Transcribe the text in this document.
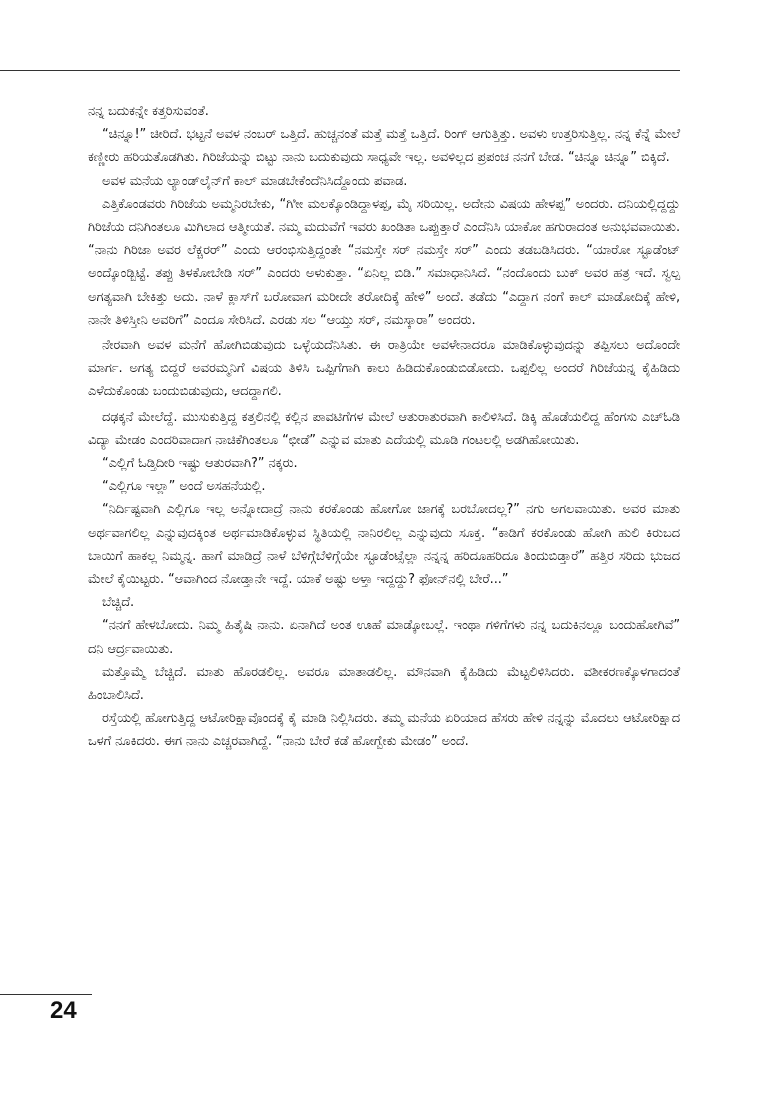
ನನ್ನ ಬದುಕನ್ನೇ ಕತ್ತರಿಸುವಂತೆ.

“ಚಿನ್ನೂ!” ಚೀರಿದೆ. ಭಟ್ಟನೆ ಅವಳ ನಂಬರ್ ಒತ್ತಿದೆ. ಹುಚ್ಚನಂತೆ ಮತ್ತೆ ಮತ್ತೆ ಒತ್ತಿದೆ. ರಿಂಗ್ ಆಗುತ್ತಿತ್ತು. ಅವಳು ಉತ್ತರಿಸುತ್ತಿಲ್ಲ. ನನ್ನ ಕೆನ್ನೆ ಮೇಲೆ ಕಣ್ಣೀರು ಹರಿಯತೊಡಗಿತು. ಗಿರಿಜೆಯನ್ನು ಬಿಟ್ಟು ನಾನು ಬದುಕುವುದು ಸಾಧ್ಯವೇ ಇಲ್ಲ. ಅವಳಿಲ್ಲದ ಪ್ರಪಂಚ ನನಗೆ ಬೇಡ. “ಚಿನ್ನೂ ಚಿನ್ನೂ” ಬಿಕ್ಕಿದೆ.

ಅವಳ ಮನೆಯ ಲ್ಯಾಂಡ್‌ಲೈನ್‌ಗೆ ಕಾಲ್ ಮಾಡಬೇಕೆಂದೆನಿಸಿದ್ದೊಂದು ಪವಾಡ.

ಎತ್ತಿಕೊಂಡವರು ಗಿರಿಜೆಯ ಅಮ್ಮನಿರಬೇಕು, “ಗೀೀ ಮಲಕ್ಕೊಂಡಿದ್ದಾಳಪ್ಪ, ಮೈ ಸರಿಯಿಲ್ಲ. ಅದೇನು ವಿಷಯ ಹೇಳಪ್ಪ” ಅಂದರು. ದನಿಯಲ್ಲಿದ್ದದ್ದು ಗಿರಿಜೆಯ ದನಿಗಿಂತಲೂ ಮಿಗಿಲಾದ ಆತ್ಮೀಯತೆ. ನಮ್ಮ ಮದುವೆಗೆ ಇವರು ಖಂಡಿತಾ ಒಪ್ಪುತ್ತಾರೆ ಎಂದೆನಿಸಿ ಯಾಕೋ ಹಗುರಾದಂತ ಅನುಭವವಾಯಿತು. “ನಾನು ಗಿರಿಜಾ ಅವರ ಲೆಕ್ಚರರ್” ಎಂದು ಆರಂಭಿಸುತ್ತಿದ್ದಂತೇ “ನಮಸ್ತೇ ಸರ್ ನಮಸ್ತೇ ಸರ್” ಎಂದು ತಡಬಡಿಸಿದರು. “ಯಾರೋ ಸ್ಟೂಡೆಂಟ್ ಅಂದ್ಕೊಂಡ್ಬಿಟ್ಟೆ. ತಪ್ಪು ತಿಳಕೋಬೇಡಿ ಸರ್” ಎಂದರು ಅಳುಕುತ್ತಾ. “ಏನಿಲ್ಲ ಬಿಡಿ.” ಸಮಾಧಾನಿಸಿದೆ. “ನಂದೊಂದು ಬುಕ್ ಅವರ ಹತ್ರ ಇದೆ. ಸ್ವಲ್ಪ ಅಗತ್ಯವಾಗಿ ಬೇಕಿತ್ತು ಅದು. ನಾಳೆ ಕ್ಲಾಸ್‌ಗೆ ಬರೋವಾಗ ಮರೀದೇ ತರೋದಿಕ್ಕೆ ಹೇಳಿ” ಅಂದೆ. ತಡೆದು “ಎದ್ದಾಗ ನಂಗೆ ಕಾಲ್ ಮಾಡೋದಿಕ್ಕೆ ಹೇಳಿ, ನಾನೇ ತಿಳಿಸ್ತೀನಿ ಅವರಿಗೆ” ಎಂದೂ ಸೇರಿಸಿದೆ. ಎರಡು ಸಲ “ಆಯ್ತು ಸರ್, ನಮಸ್ಕಾರಾ” ಅಂದರು.

ನೇರವಾಗಿ ಅವಳ ಮನೆಗೆ ಹೋಗಿಬಿಡುವುದು ಒಳ್ಳೆಯದೆನಿಸಿತು. ಈ ರಾತ್ರಿಯೇ ಅವಳೇನಾದರೂ ಮಾಡಿಕೊಳ್ಳುವುದನ್ನು ತಪ್ಪಿಸಲು ಅದೊಂದೇ ಮಾರ್ಗ. ಅಗತ್ಯ ಬಿದ್ದರೆ ಅವರಮ್ಮನಿಗೆ ವಿಷಯ ತಿಳಿಸಿ ಒಪ್ಪಿಗೆಗಾಗಿ ಕಾಲು ಹಿಡಿದುಕೊಂಡುಬಿಡೋದು. ಒಪ್ಪಲಿಲ್ಲ ಅಂದರೆ ಗಿರಿಜೆಯನ್ನ ಕೈಹಿಡಿದು ಎಳೆದುಕೊಂಡು ಬಂದುಬಿಡುವುದು, ಆದದ್ದಾಗಲಿ.

ದಢಕ್ಕನೆ ಮೇಲೆದ್ದೆ. ಮುಸುಕುತ್ತಿದ್ದ ಕತ್ತಲಿನಲ್ಲಿ ಕಲ್ಲಿನ ಪಾವಟಿಗೆಗಳ ಮೇಲೆ ಆತುರಾತುರವಾಗಿ ಕಾಲಿಳಿಸಿದೆ. ಡಿಕ್ಕಿ ಹೊಡೆಯಲಿದ್ದ ಹೆಂಗಸು ಎಚ್‌ಓಡಿ ವಿದ್ಯಾ ಮೇಡಂ ಎಂದರಿವಾದಾಗ ನಾಚಿಕೆಗಿಂತಲೂ “ಛೀಡೆ” ಎನ್ನುವ ಮಾತು ಎದೆಯಲ್ಲಿ ಮೂಡಿ ಗಂಟಲಲ್ಲಿ ಅಡಗಿಹೋಯಿತು.

“ಎಲ್ಲಿಗೆ ಓಡ್ತಿದೀರಿ ಇಷ್ಟು ಆತುರವಾಗಿ?” ನಕ್ಕರು.

“ಎಲ್ಲಿಗೂ ಇಲ್ಲಾ” ಅಂದೆ ಅಸಹನೆಯಲ್ಲಿ.

“ನಿರ್ದಿಷ್ಟವಾಗಿ ಎಲ್ಲಿಗೂ ಇಲ್ಲ ಅನ್ನೋದಾದ್ರೆ ನಾನು ಕರಕೊಂಡು ಹೋಗೋ ಜಾಗಕ್ಕೆ ಬರಬೋದಲ್ಲ?” ನಗು ಅಗಲವಾಯಿತು. ಅವರ ಮಾತು ಅರ್ಥವಾಗಲಿಲ್ಲ ಎನ್ನುವುದಕ್ಕಿಂತ ಅರ್ಥಮಾಡಿಕೊಳ್ಳುವ ಸ್ಥಿತಿಯಲ್ಲಿ ನಾನಿರಲಿಲ್ಲ ಎನ್ನುವುದು ಸೂಕ್ತ. “ಕಾಡಿಗೆ ಕರಕೊಂಡು ಹೋಗಿ ಹುಲಿ ಕಿರುಬದ ಬಾಯಿಗೆ ಹಾಕಲ್ಲ ನಿಮ್ಮನ್ನ. ಹಾಗೆ ಮಾಡಿದ್ರೆ ನಾಳೆ ಬೆಳಿಗ್ಗೆಬೆಳಿಗ್ಗೆಯೇ ಸ್ಟೂಡೆಂಟ್ಸೆಲ್ಲಾ ನನ್ನನ್ನ ಹರಿದೂಹರಿದೂ ತಿಂದುಬಿಡ್ತಾರೆ” ಹತ್ತಿರ ಸರಿದು ಭುಜದ ಮೇಲೆ ಕೈಯಿಟ್ಟರು. “ಆವಾಗಿಂದ ನೋಡ್ತಾನೇ ಇದ್ದೆ. ಯಾಕೆ ಅಷ್ಟು ಅಳ್ತಾ ಇದ್ದದ್ದು? ಫೋನ್‌ನಲ್ಲಿ ಬೇರೆ...”

ಬೆಚ್ಚಿದೆ.

“ನನಗೆ ಹೇಳಬೋದು. ನಿಮ್ಮ ಹಿತೈಷಿ ನಾನು. ಏನಾಗಿದೆ ಅಂತ ಊಹೆ ಮಾಡ್ಕೋಬಲ್ಲೆ. ಇಂಥಾ ಗಳಿಗೆಗಳು ನನ್ನ ಬದುಕಿನಲ್ಲೂ ಬಂದುಹೋಗಿವೆ” ದನಿ ಆರ್ದ್ರವಾಯಿತು.

ಮತ್ತೊಮ್ಮೆ ಬೆಚ್ಚಿದೆ. ಮಾತು ಹೊರಡಲಿಲ್ಲ. ಅವರೂ ಮಾತಾಡಲಿಲ್ಲ. ಮೌನವಾಗಿ ಕೈಹಿಡಿದು ಮೆಟ್ಟಲಿಳಿಸಿದರು. ವಶೀಕರಣಕ್ಕೊಳಗಾದಂತೆ ಹಿಂಬಾಲಿಸಿದೆ.

ರಸ್ತೆಯಲ್ಲಿ ಹೋಗುತ್ತಿದ್ದ ಆಟೋರಿಕ್ಷಾವೊಂದಕ್ಕೆ ಕೈ ಮಾಡಿ ನಿಲ್ಲಿಸಿದರು. ತಮ್ಮ ಮನೆಯ ಏರಿಯಾದ ಹೆಸರು ಹೇಳಿ ನನ್ನನ್ನು ಮೊದಲು ಆಟೋರಿಕ್ಷಾದ ಒಳಗೆ ನೂಕಿದರು. ಈಗ ನಾನು ಎಚ್ಚರವಾಗಿದ್ದೆ. “ನಾನು ಬೇರೆ ಕಡೆ ಹೋಗ್ಬೇಕು ಮೇಡಂ” ಅಂದೆ.

24
